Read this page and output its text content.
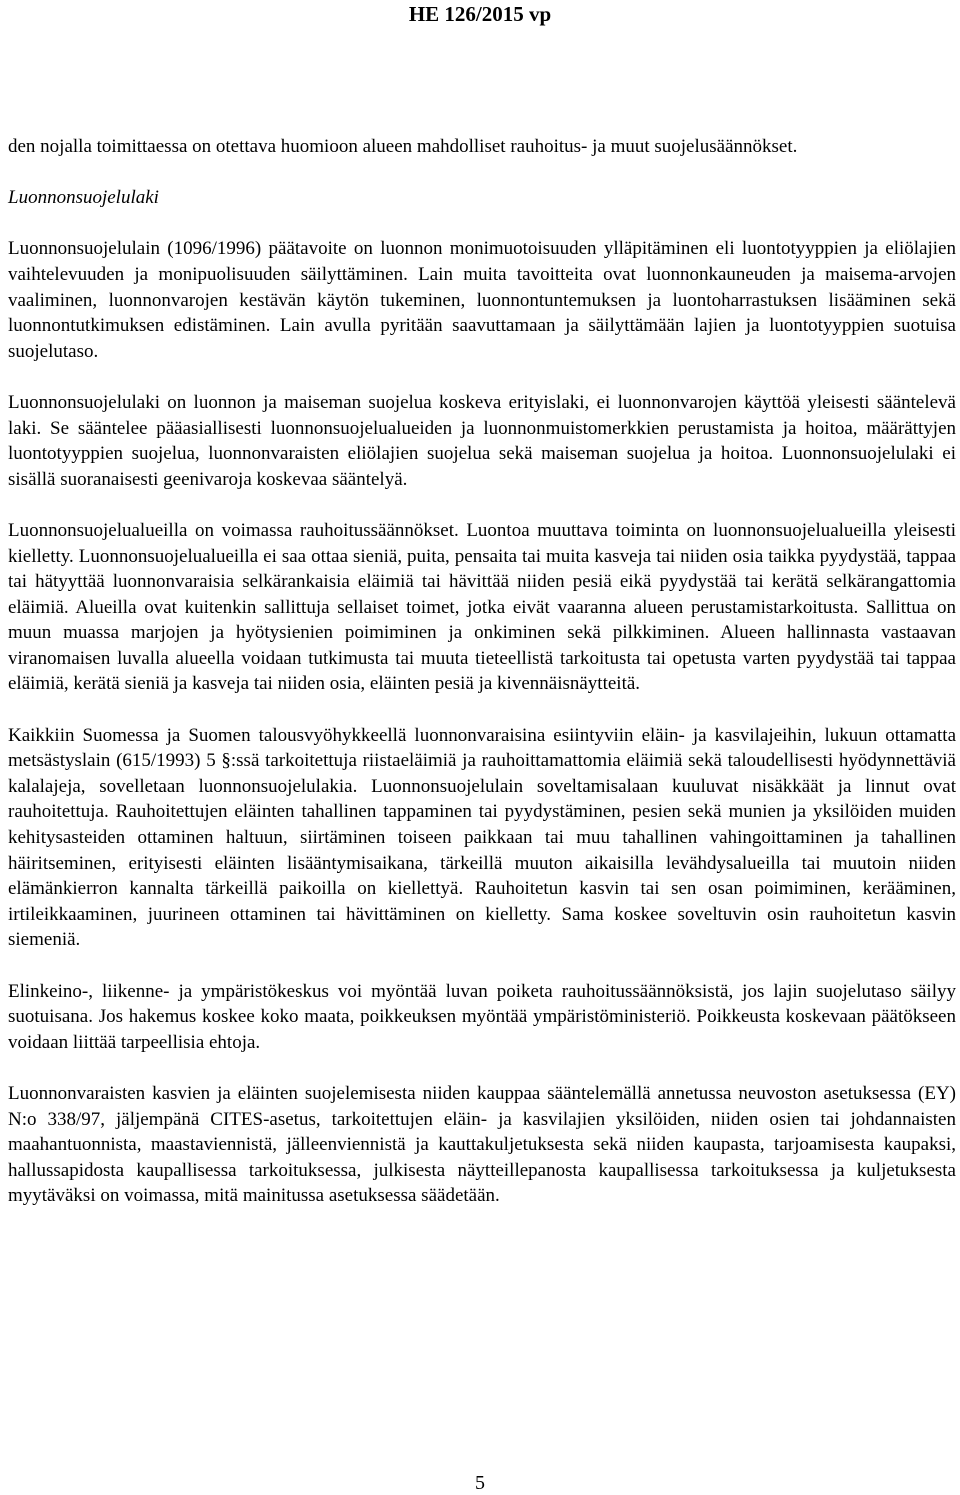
HE 126/2015 vp

den nojalla toimittaessa on otettava huomioon alueen mahdolliset rauhoitus- ja muut suojelusäännökset.

Luonnonsuojelulaki

Luonnonsuojelulain (1096/1996) päätavoite on luonnon monimuotoisuuden ylläpitäminen eli luontotyyppien ja eliölajien vaihtelevuuden ja monipuolisuuden säilyttäminen. Lain muita tavoitteita ovat luonnonkauneuden ja maisema-arvojen vaaliminen, luonnonvarojen kestävän käytön tukeminen, luonnontuntemuksen ja luontoharrastuksen lisääminen sekä luonnontutkimuksen edistäminen. Lain avulla pyritään saavuttamaan ja säilyttämään lajien ja luontotyyppien suotuisa suojelutaso.

Luonnonsuojelulaki on luonnon ja maiseman suojelua koskeva erityislaki, ei luonnonvarojen käyttöä yleisesti sääntelevä laki. Se sääntelee pääasiallisesti luonnonsuojelualueiden ja luonnonmuistomerkkien perustamista ja hoitoa, määrättyjen luontotyyppien suojelua, luonnonvaraisten eliölajien suojelua sekä maiseman suojelua ja hoitoa. Luonnonsuojelulaki ei sisällä suoranaisesti geenivaroja koskevaa sääntelyä.

Luonnonsuojelualueilla on voimassa rauhoitussäännökset. Luontoa muuttava toiminta on luonnonsuojelualueilla yleisesti kielletty. Luonnonsuojelualueilla ei saa ottaa sieniä, puita, pensaita tai muita kasveja tai niiden osia taikka pyydystää, tappaa tai hätyyttää luonnonvaraisia selkärankaisia eläimiä tai hävittää niiden pesiä eikä pyydystää tai kerätä selkärangattomia eläimiä. Alueilla ovat kuitenkin sallittuja sellaiset toimet, jotka eivät vaaranna alueen perustamistarkoitusta. Sallittua on muun muassa marjojen ja hyötysienien poimiminen ja onkiminen sekä pilkkiminen. Alueen hallinnasta vastaavan viranomaisen luvalla alueella voidaan tutkimusta tai muuta tieteellistä tarkoitusta tai opetusta varten pyydystää tai tappaa eläimiä, kerätä sieniä ja kasveja tai niiden osia, eläinten pesiä ja kivennäisnäytteitä.

Kaikkiin Suomessa ja Suomen talousvyöhykkeellä luonnonvaraisina esiintyviin eläin- ja kasvilajeihin, lukuun ottamatta metsästyslain (615/1993) 5 §:ssä tarkoitettuja riistaeläimiä ja rauhoittamattomia eläimiä sekä taloudellisesti hyödynnettäviä kalalajeja, sovelletaan luonnonsuojelulakia. Luonnonsuojelulain soveltamisalaan kuuluvat nisäkkäät ja linnut ovat rauhoitettuja. Rauhoitettujen eläinten tahallinen tappaminen tai pyydystäminen, pesien sekä munien ja yksilöiden muiden kehitysasteiden ottaminen haltuun, siirtäminen toiseen paikkaan tai muu tahallinen vahingoittaminen ja tahallinen häiritseminen, erityisesti eläinten lisääntymisaikana, tärkeillä muuton aikaisilla levähdysalueilla tai muutoin niiden elämänkierron kannalta tärkeillä paikoilla on kiellettyä. Rauhoitetun kasvin tai sen osan poimiminen, kerääminen, irtileikkaaminen, juurineen ottaminen tai hävittäminen on kielletty. Sama koskee soveltuvin osin rauhoitetun kasvin siemeniä.

Elinkeino-, liikenne- ja ympäristökeskus voi myöntää luvan poiketa rauhoitussäännöksistä, jos lajin suojelutaso säilyy suotuisana. Jos hakemus koskee koko maata, poikkeuksen myöntää ympäristöministeriö. Poikkeusta koskevaan päätökseen voidaan liittää tarpeellisia ehtoja.

Luonnonvaraisten kasvien ja eläinten suojelemisesta niiden kauppaa sääntelemällä annetussa neuvoston asetuksessa (EY) N:o 338/97, jäljempänä CITES-asetus, tarkoitettujen eläin- ja kasvilajien yksilöiden, niiden osien tai johdannaisten maahantuonnista, maastaviennistä, jälleenviennistä ja kauttakuljetuksesta sekä niiden kaupasta, tarjoamisesta kaupaksi, hallussapidosta kaupallisessa tarkoituksessa, julkisesta näytteillepanosta kaupallisessa tarkoituksessa ja kuljetuksesta myytäväksi on voimassa, mitä mainitussa asetuksessa säädetään.

5
